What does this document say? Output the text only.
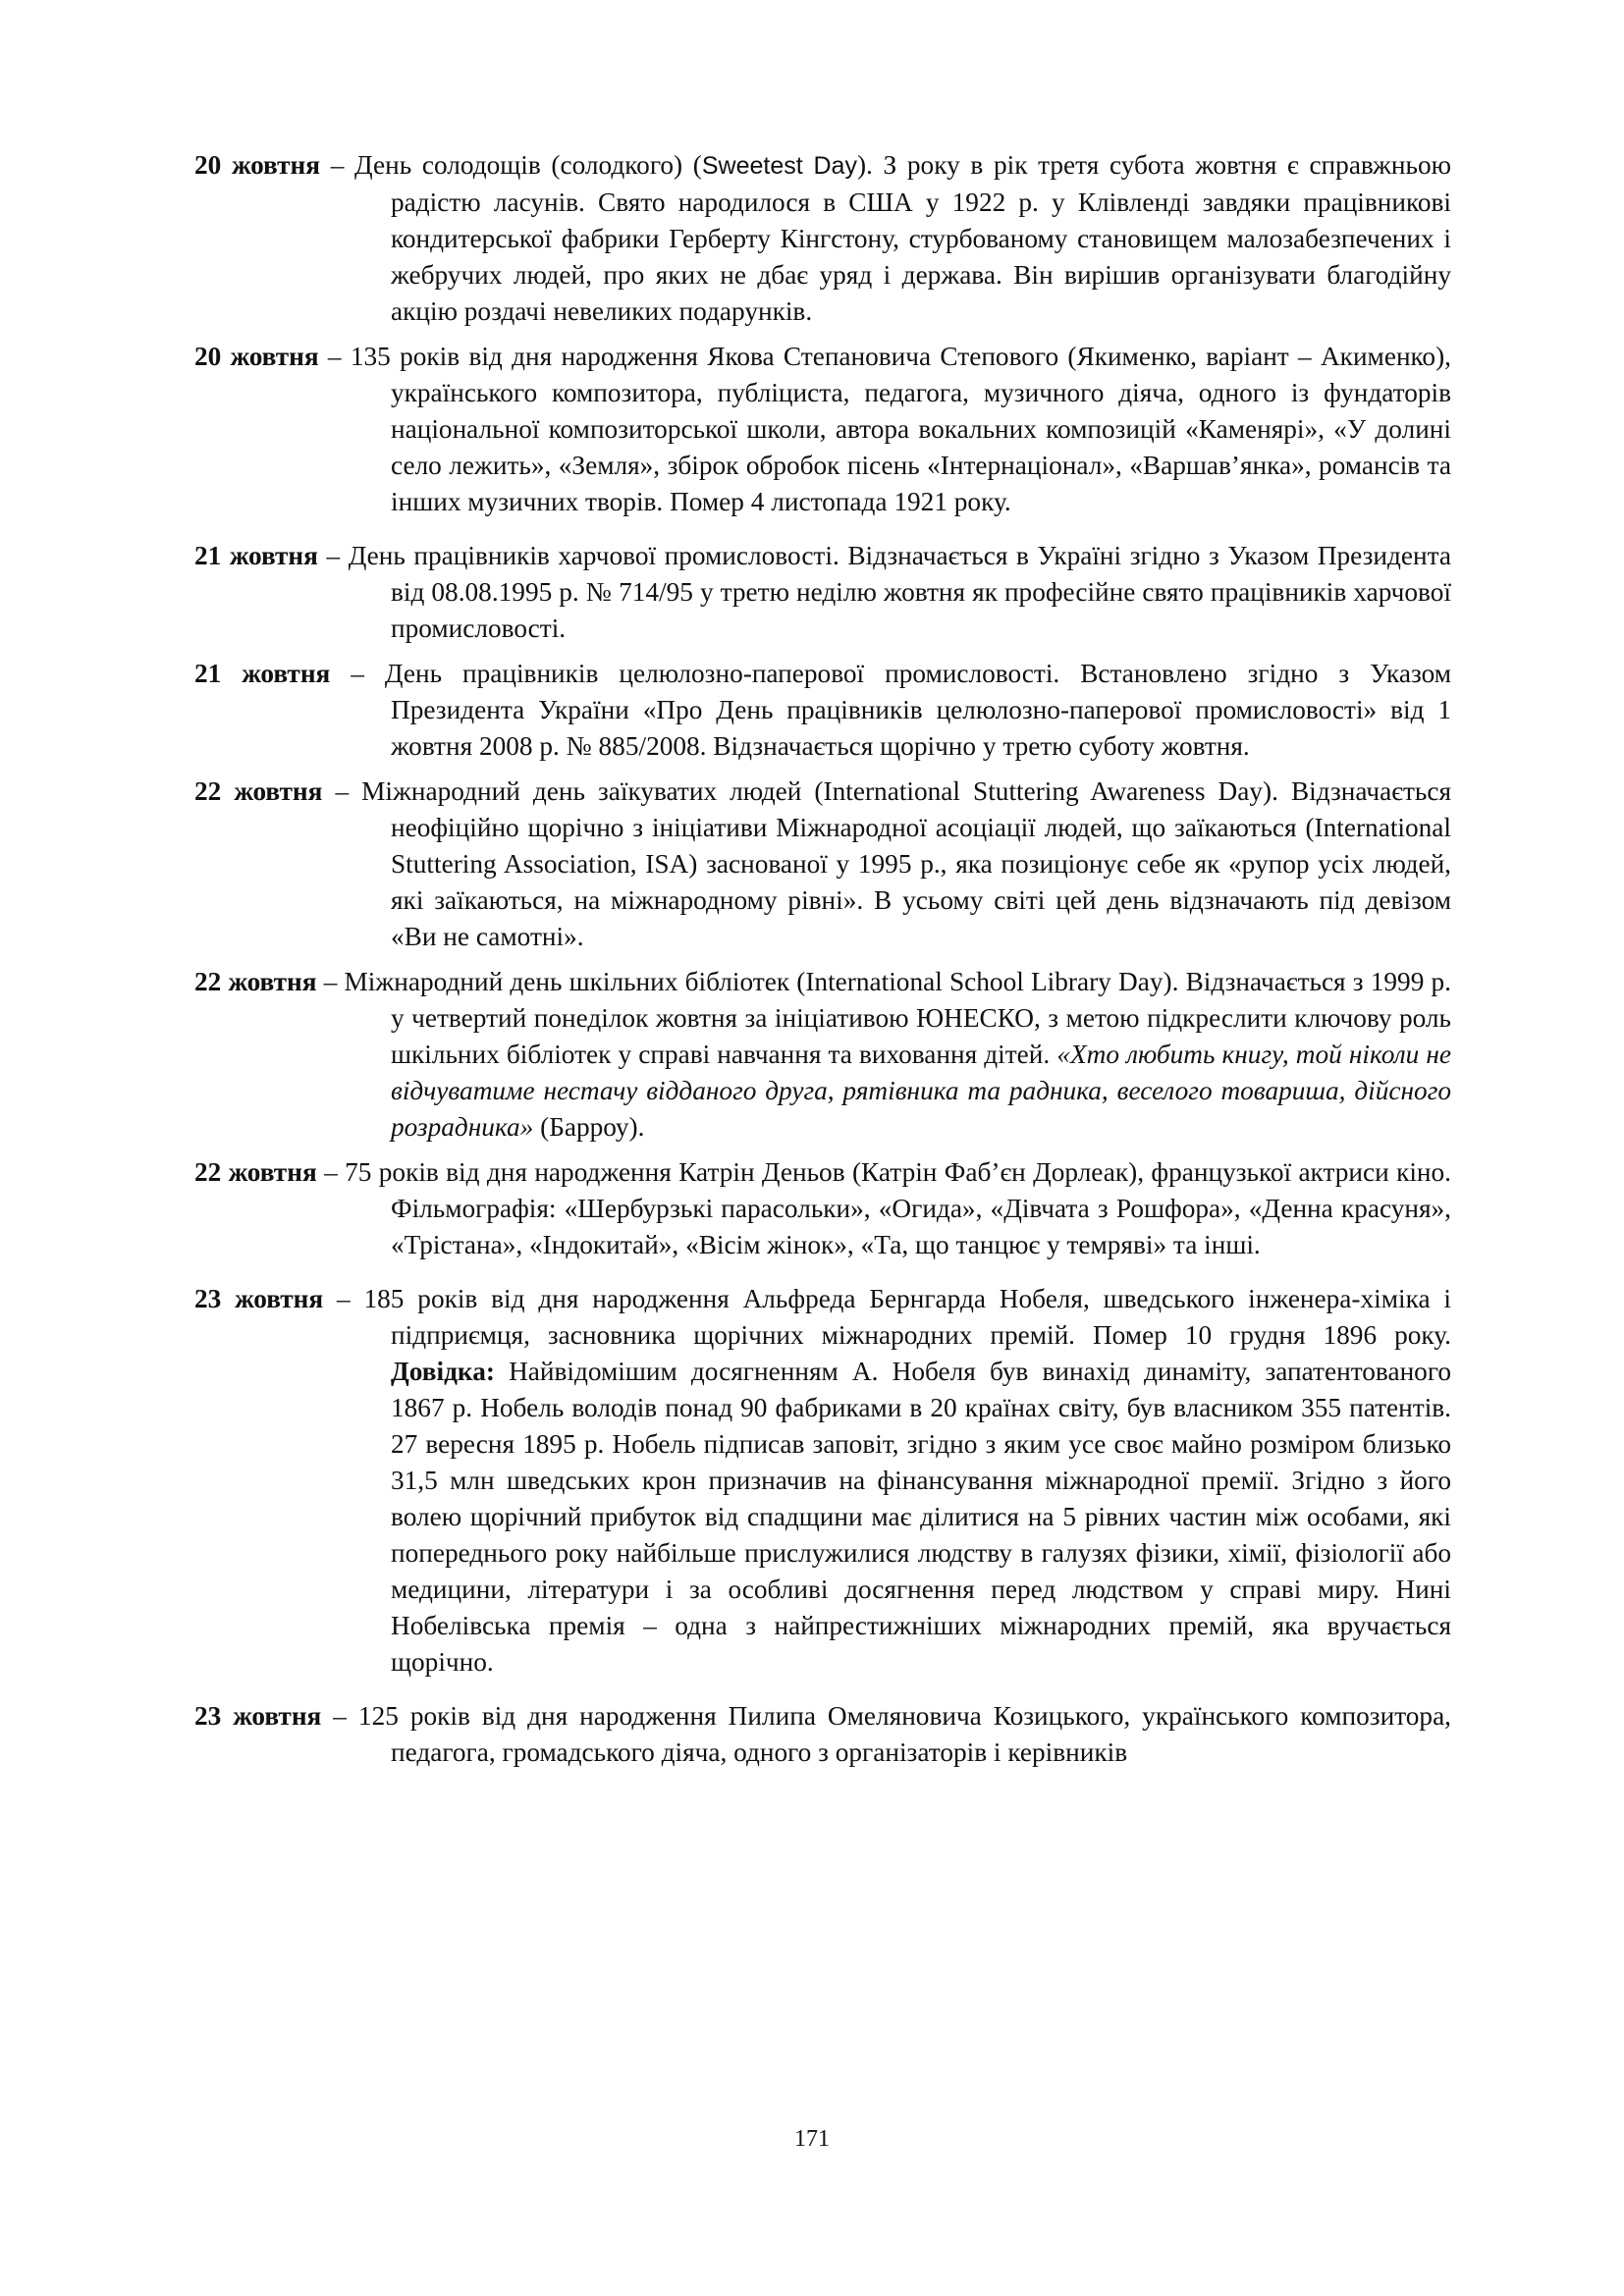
20 жовтня – День солодощів (солодкого) (Sweetest Day). З року в рік третя субота жовтня є справжньою радістю ласунів. Свято народилося в США у 1922 р. у Клівленді завдяки працівникові кондитерської фабрики Герберту Кінгстону, стурбованому становищем малозабезпечених і жебручих людей, про яких не дбає уряд і держава. Він вирішив організувати благодійну акцію роздачі невеликих подарунків.

20 жовтня – 135 років від дня народження Якова Степановича Степового (Якименко, варіант – Акименко), українського композитора, публіциста, педагога, музичного діяча, одного із фундаторів національної композиторської школи, автора вокальних композицій «Каменярі», «У долині село лежить», «Земля», збірок обробок пісень «Інтернаціонал», «Варшав’янка», романсів та інших музичних творів. Помер 4 листопада 1921 року.

21 жовтня – День працівників харчової промисловості. Відзначається в Україні згідно з Указом Президента від 08.08.1995 р. № 714/95 у третю неділю жовтня як професійне свято працівників харчової промисловості.

21 жовтня – День працівників целюлозно-паперової промисловості. Встановлено згідно з Указом Президента України «Про День працівників целюлозно-паперової промисловості» від 1 жовтня 2008 р. № 885/2008. Відзначається щорічно у третю суботу жовтня.

22 жовтня – Міжнародний день заїкуватих людей (International Stuttering Awareness Day). Відзначається неофіційно щорічно з ініціативи Міжнародної асоціації людей, що заїкаються (International Stuttering Association, ISA) заснованої у 1995 р., яка позиціонує себе як «рупор усіх людей, які заїкаються, на міжнародному рівні». В усьому світі цей день відзначають під девізом «Ви не самотні».

22 жовтня – Міжнародний день шкільних бібліотек (International School Library Day). Відзначається з 1999 р. у четвертий понеділок жовтня за ініціативою ЮНЕСКО, з метою підкреслити ключову роль шкільних бібліотек у справі навчання та виховання дітей. «Хто любить книгу, той ніколи не відчуватиме нестачу відданого друга, рятівника та радника, веселого товариша, дійсного розрадника» (Барроу).

22 жовтня – 75 років від дня народження Катрін Деньов (Катрін Фаб’єн Дорлеак), французької актриси кіно. Фільмографія: «Шербурзькі парасольки», «Огида», «Дівчата з Рошфора», «Денна красуня», «Трістана», «Індокитай», «Вісім жінок», «Та, що танцює у темряві» та інші.

23 жовтня – 185 років від дня народження Альфреда Бернгарда Нобеля, шведського інженера-хіміка і підприємця, засновника щорічних міжнародних премій. Помер 10 грудня 1896 року. Довідка: Найвідомішим досягненням А. Нобеля був винахід динаміту, запатентованого 1867 р. Нобель володів понад 90 фабриками в 20 країнах світу, був власником 355 патентів. 27 вересня 1895 р. Нобель підписав заповіт, згідно з яким усе своє майно розміром близько 31,5 млн шведських крон призначив на фінансування міжнародної премії. Згідно з його волею щорічний прибуток від спадщини має ділитися на 5 рівних частин між особами, які попереднього року найбільше прислужилися людству в галузях фізики, хімії, фізіології або медицини, літератури і за особливі досягнення перед людством у справі миру. Нині Нобелівська премія – одна з найпрестижніших міжнародних премій, яка вручається щорічно.

23 жовтня – 125 років від дня народження Пилипа Омеляновича Козицького, українського композитора, педагога, громадського діяча, одного з організаторів і керівників

171
